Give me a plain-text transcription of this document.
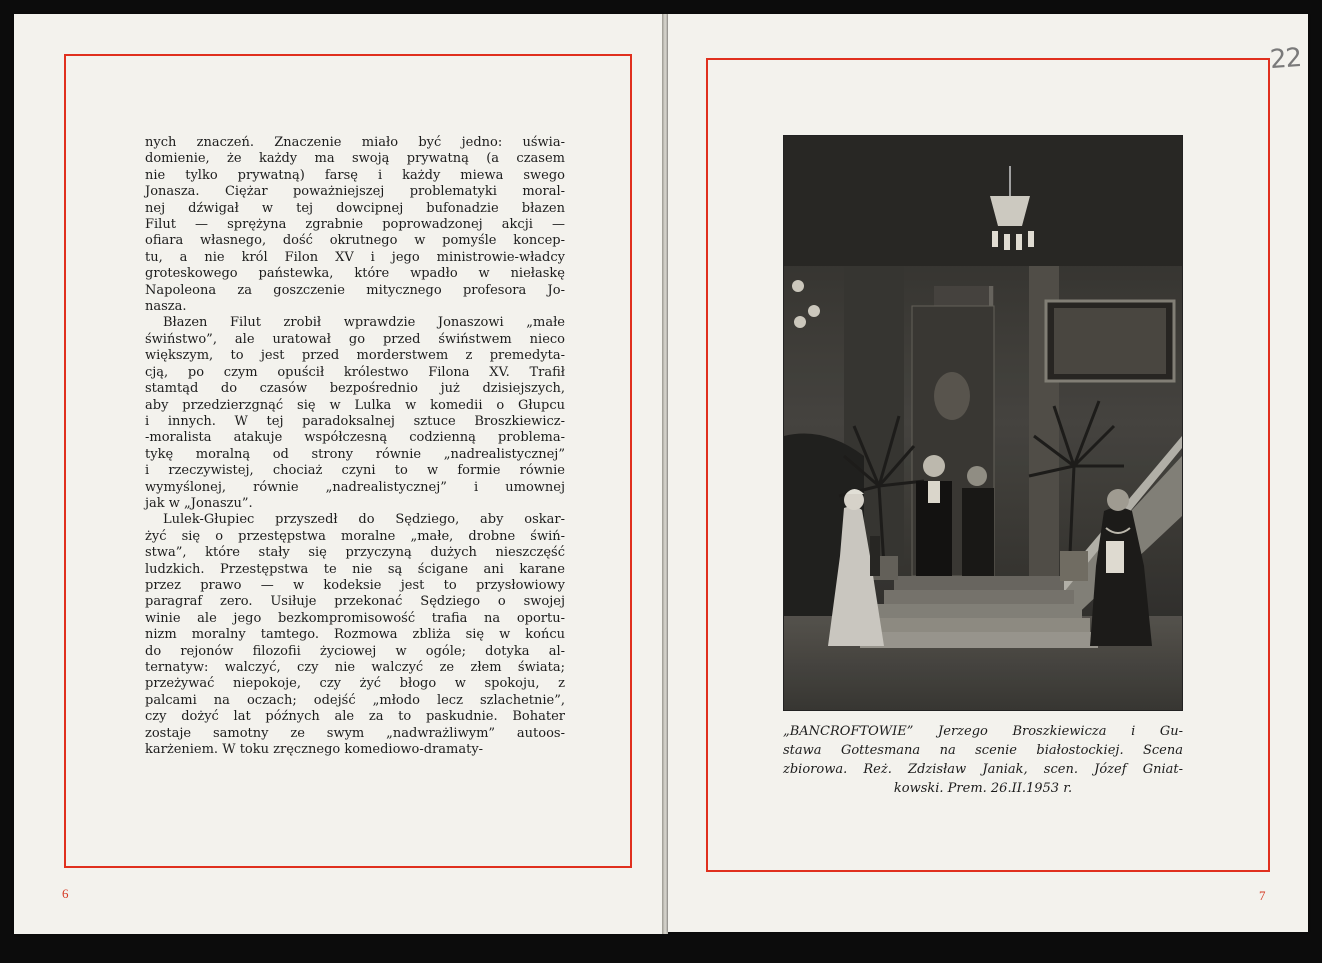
nych znaczeń. Znaczenie miało być jedno: uświa-
domienie, że każdy ma swoją prywatną (a czasem
nie tylko prywatną) farsę i każdy miewa swego
Jonasza. Ciężar poważniejszej problematyki moral-
nej dźwigał w tej dowcipnej bufonadzie błazen
Filut — sprężyna zgrabnie poprowadzonej akcji —
ofiara własnego, dość okrutnego w pomyśle koncep-
tu, a nie król Filon XV i jego ministrowie-władcy
groteskowego państewka, które wpadło w niełaskę
Napoleona za goszczenie mitycznego profesora Jo-
nasza.

Błazen Filut zrobił wprawdzie Jonaszowi „małe
świństwo”, ale uratował go przed świństwem nieco
większym, to jest przed morderstwem z premedyta-
cją, po czym opuścił królestwo Filona XV. Trafił
stamtąd do czasów bezpośrednio już dzisiejszych,
aby przedzierzgnąć się w Lulka w komedii o Głupcu
i innych. W tej paradoksalnej sztuce Broszkiewicz-
-moralista atakuje współczesną codzienną problema-
tykę moralną od strony równie „nadrealistycznej”
i rzeczywistej, chociaż czyni to w formie równie
wymyślonej, równie „nadrealistycznej” i umownej
jak w „Jonaszu”.

Lulek-Głupiec przyszedł do Sędziego, aby oskar-
żyć się o przestępstwa moralne „małe, drobne świń-
stwa”, które stały się przyczyną dużych nieszczęść
ludzkich. Przestępstwa te nie są ścigane ani karane
przez prawo — w kodeksie jest to przysłowiowy
paragraf zero. Usiłuje przekonać Sędziego o swojej
winie ale jego bezkompromisowość trafia na oportu-
nizm moralny tamtego. Rozmowa zbliża się w końcu
do rejonów filozofii życiowej w ogóle; dotyka al-
ternatyw: walczyć, czy nie walczyć ze złem świata;
przeżywać niepokoje, czy żyć błogo w spokoju, z
palcami na oczach; odejść „młodo lecz szlachetnie”,
czy dożyć lat późnych ale za to paskudnie. Bohater
zostaje samotny ze swym „nadwrażliwym” autoos-
karżeniem. W toku zręcznego komediowo-dramaty-

6
22
„BANCROFTOWIE” Jerzego Broszkiewicza i Gu-
stawa Gottesmana na scenie białostockiej. Scena
zbiorowa. Reż. Zdzisław Janiak, scen. Józef Gniat-
kowski. Prem. 26.II.1953 r.
7
